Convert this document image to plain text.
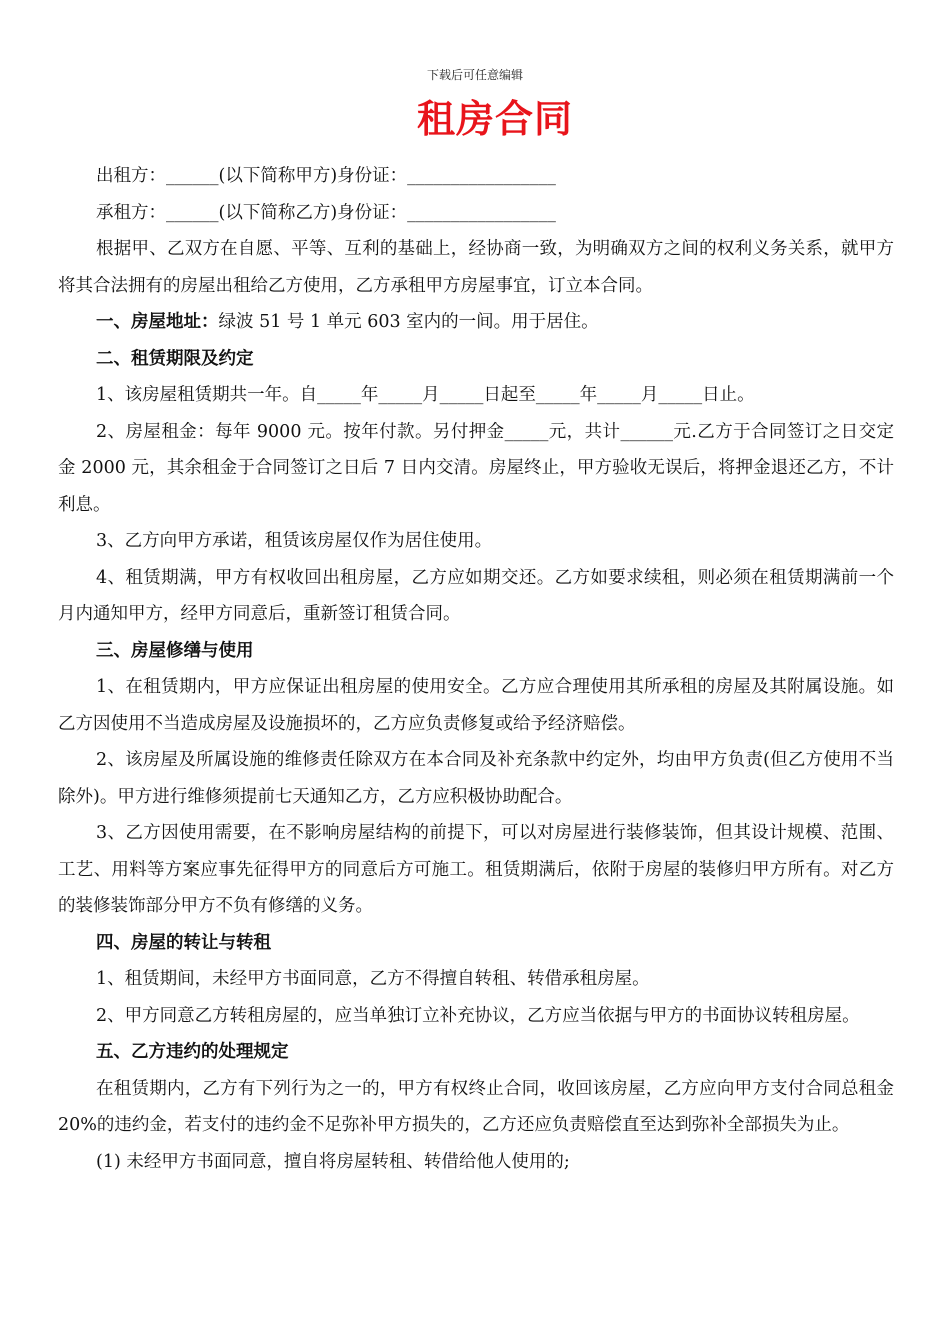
下载后可任意编辑
租房合同

出租方：______(以下简称甲方)身份证：_________________

承租方：______(以下简称乙方)身份证：_________________

根据甲、乙双方在自愿、平等、互利的基础上，经协商一致，为明确双方之间的权利义务关系，就甲方将其合法拥有的房屋出租给乙方使用，乙方承租甲方房屋事宜，订立本合同。

一、房屋地址：绿波 51 号 1 单元 603 室内的一间。用于居住。

二、租赁期限及约定

1、该房屋租赁期共一年。自_____年_____月_____日起至_____年_____月_____日止。

2、房屋租金：每年 9000 元。按年付款。另付押金_____元，共计______元.乙方于合同签订之日交定金 2000 元，其余租金于合同签订之日后 7 日内交清。房屋终止，甲方验收无误后，将押金退还乙方，不计利息。

3、乙方向甲方承诺，租赁该房屋仅作为居住使用。

4、租赁期满，甲方有权收回出租房屋，乙方应如期交还。乙方如要求续租，则必须在租赁期满前一个月内通知甲方，经甲方同意后，重新签订租赁合同。

三、房屋修缮与使用

1、在租赁期内，甲方应保证出租房屋的使用安全。乙方应合理使用其所承租的房屋及其附属设施。如乙方因使用不当造成房屋及设施损坏的，乙方应负责修复或给予经济赔偿。

2、该房屋及所属设施的维修责任除双方在本合同及补充条款中约定外，均由甲方负责(但乙方使用不当除外)。甲方进行维修须提前七天通知乙方，乙方应积极协助配合。

3、乙方因使用需要，在不影响房屋结构的前提下，可以对房屋进行装修装饰，但其设计规模、范围、工艺、用料等方案应事先征得甲方的同意后方可施工。租赁期满后，依附于房屋的装修归甲方所有。对乙方的装修装饰部分甲方不负有修缮的义务。

四、房屋的转让与转租

1、租赁期间，未经甲方书面同意，乙方不得擅自转租、转借承租房屋。

2、甲方同意乙方转租房屋的，应当单独订立补充协议，乙方应当依据与甲方的书面协议转租房屋。

五、乙方违约的处理规定

在租赁期内，乙方有下列行为之一的，甲方有权终止合同，收回该房屋，乙方应向甲方支付合同总租金 20%的违约金，若支付的违约金不足弥补甲方损失的，乙方还应负责赔偿直至达到弥补全部损失为止。

(1) 未经甲方书面同意，擅自将房屋转租、转借给他人使用的;
